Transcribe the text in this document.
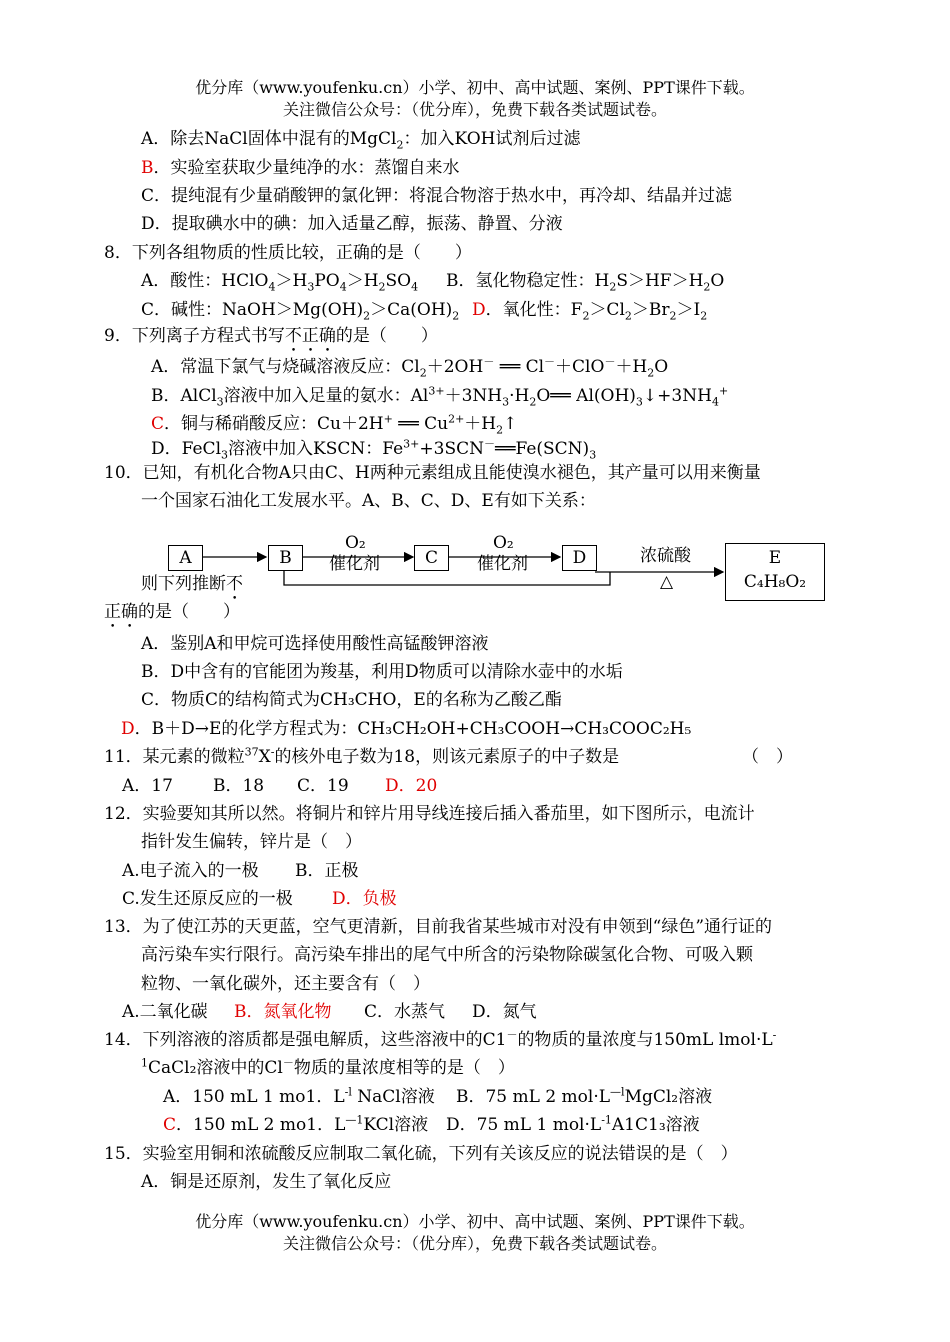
优分库（www.youfenku.cn）小学、初中、高中试题、案例、PPT课件下载。
关注微信公众号：（优分库），免费下载各类试题试卷。
A．除去NaCl固体中混有的MgCl$_2$：加入KOH试剂后过滤
B．实验室获取少量纯净的水：蒸馏自来水
C．提纯混有少量硝酸钾的氯化钾：将混合物溶于热水中，再冷却、结晶并过滤
D．提取碘水中的碘：加入适量乙醇，振荡、静置、分液
8．下列各组物质的性质比较，正确的是（　　）
A．酸性：$HClO_4>H_3PO_4>H_2SO_4$ B．氢化物稳定性：$H_2S>HF>H_2O$
C．碱性：$NaOH>Mg(OH)_2>Ca(OH)_2$ D．氧化性：$F_2>Cl_2>Br_2>I_2$
9．下列离子方程式书写不正确的是（　　）
A．常温下氯气与烧碱溶液反应：$Cl_2+2OH^-$ ══ $Cl^-+ClO^-+H_2O$
B．AlCl$_3$溶液中加入足量的氨水：$Al^{3+}+3NH_3\cdot H_2O══$ $Al(OH)_3↓+3NH_4^+$
C．铜与稀硝酸反应：Cu＋2H+ ══ $Cu^{2+}+H_2↑$
D．FeCl$_3$溶液中加入KSCN：$Fe^{3+}+3SCN^-══Fe(SCN)_3$
10．已知，有机化合物A只由C、H两种元素组成且能使溴水褪色，其产量可以用来衡量
一个国家石油化工发展水平。A、B、C、D、E有如下关系：
A	B	C	D	E
C₄H₈O₂
O₂
催化剂
O₂
催化剂	浓硫酸
△
则下列推断不
正确的是（　　）
A．鉴别A和甲烷可选择使用酸性高锰酸钾溶液
B．D中含有的官能团为羧基，利用D物质可以清除水壶中的水垢
C．物质C的结构简式为CH₃CHO，E的名称为乙酸乙酯
D．B＋D→E的化学方程式为：CH₃CH₂OH+CH₃COOH→CH₃COOC₂H₅
11．某元素的微粒$^{37}$X-的核外电子数为18，则该元素原子的中子数是	（　）
A．17 B．18 C．19 D．20
12．实验要知其所以然。将铜片和锌片用导线连接后插入番茄里，如下图所示，电流计
指针发生偏转，锌片是（　）
A.电子流入的一极 B．正极
C.发生还原反应的一极 D．负极
13．为了使江苏的天更蓝，空气更清新，目前我省某些城市对没有申领到“绿色”通行证的
高污染车实行限行。高污染车排出的尾气中所含的污染物除碳氢化合物、可吸入颗
粒物、一氧化碳外，还主要含有（　）
A.二氧化碳 B．氮氧化物 C．水蒸气 D．氮气
14．下列溶液的溶质都是强电解质，这些溶液中的C1－的物质的量浓度与150mL lmol·L-
$^1$CaCl₂溶液中的Cl－物质的量浓度相等的是（　）
A．150 mL 1 mo1．$L^{-l}$ NaCl溶液 B．75 mL 2 $mol\cdot L^{—l}MgCl_2$溶液
C．150 mL 2 mo1．$L^{—1}KCl$溶液 D．75 mL 1 $mol\cdot L^{-1}A1C1_3$溶液
15．实验室用铜和浓硫酸反应制取二氧化硫，下列有关该反应的说法错误的是（　）
A．铜是还原剂，发生了氧化反应
优分库（www.youfenku.cn）小学、初中、高中试题、案例、PPT课件下载。
关注微信公众号：（优分库），免费下载各类试题试卷。
